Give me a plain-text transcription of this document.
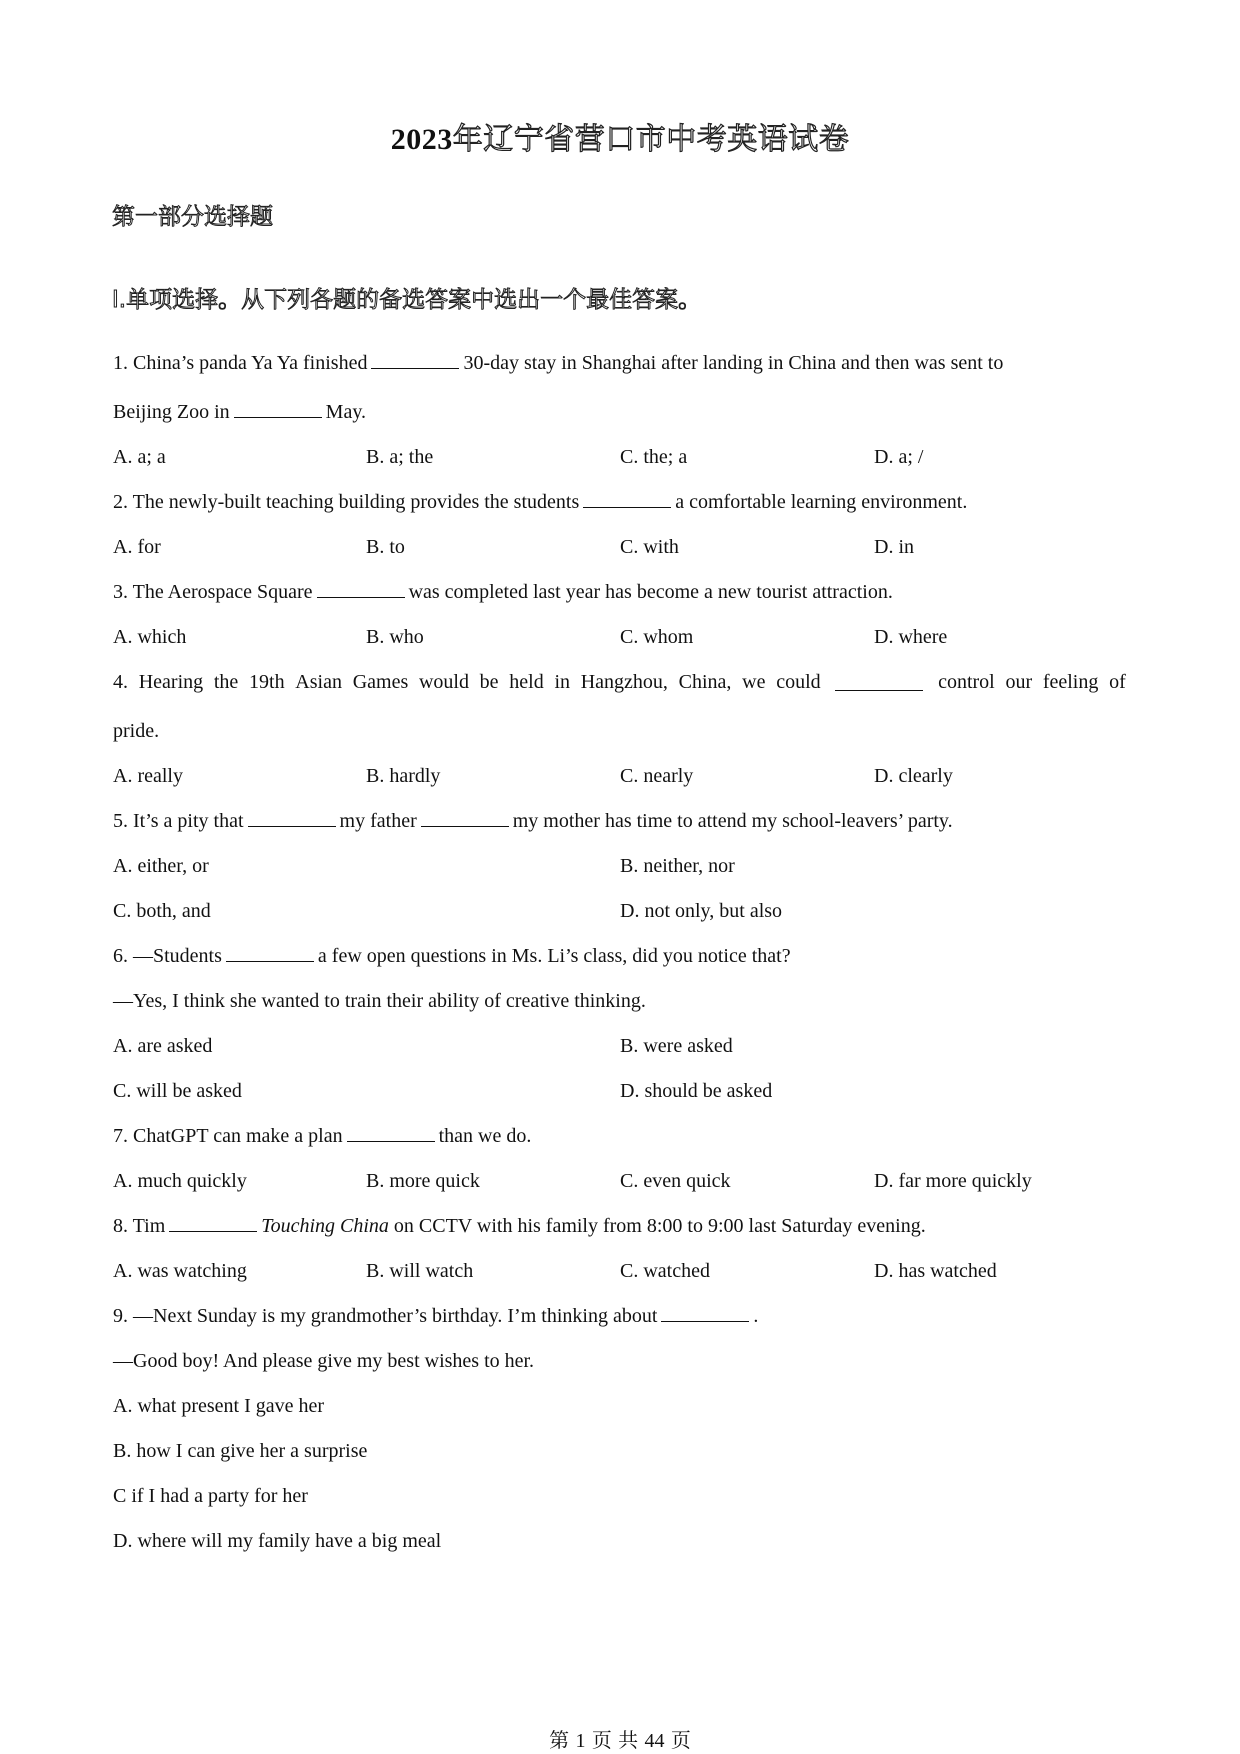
2023年辽宁省营口市中考英语试卷
第一部分选择题
Ⅰ.单项选择。从下列各题的备选答案中选出一个最佳答案。
1. China’s panda Ya Ya finished	30-day stay in Shanghai after landing in China and then was sent to
Beijing Zoo in	May.
A. a; a	B. a; the	C. the; a	D. a; /
2. The newly-built teaching building provides the students	a comfortable learning environment.
A. for	B. to	C. with	D. in
3. The Aerospace Square	was completed last year has become a new tourist attraction.
A. which	B. who	C. whom	D. where
4. Hearing the 19th Asian Games would be held in Hangzhou, China, we could	control our feeling of
pride.
A. really	B. hardly	C. nearly	D. clearly
5. It’s a pity that	my father	my mother has time to attend my school-leavers’ party.
A. either, or	B. neither, nor
C. both, and	D. not only, but also
6. —Students	a few open questions in Ms. Li’s class, did you notice that?
—Yes, I think she wanted to train their ability of creative thinking.
A. are asked	B. were asked
C. will be asked	D. should be asked
7. ChatGPT can make a plan	than we do.
A. much quickly	B. more quick	C. even quick	D. far more quickly
8. Tim	Touching China on CCTV with his family from 8:00 to 9:00 last Saturday evening.
A. was watching	B. will watch	C. watched	D. has watched
9. —Next Sunday is my grandmother’s birthday. I’m thinking about	.
—Good boy! And please give my best wishes to her.
A. what present I gave her
B. how I can give her a surprise
C if I had a party for her
D. where will my family have a big meal
第 1 页 共 44 页
